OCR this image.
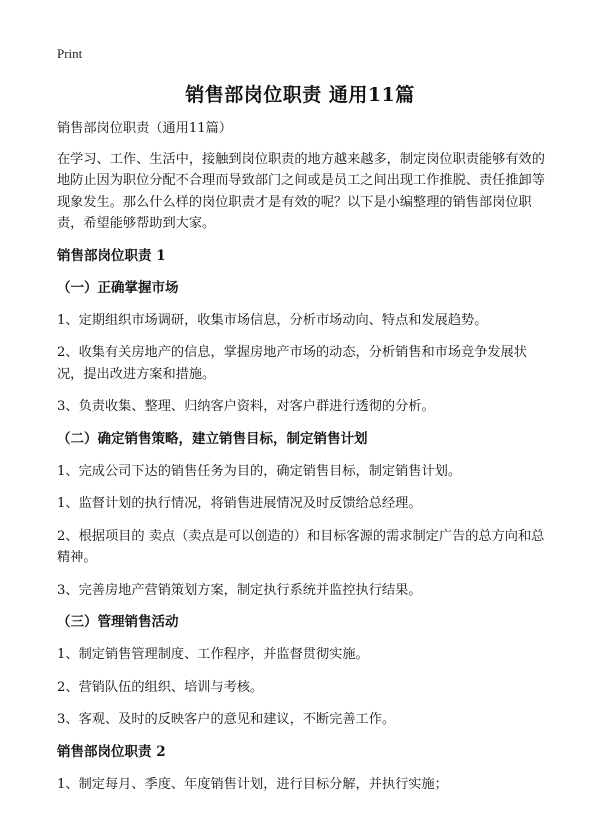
Print
销售部岗位职责 通用11篇
销售部岗位职责（通用11篇）
在学习、工作、生活中，接触到岗位职责的地方越来越多，制定岗位职责能够有效的地防止因为职位分配不合理而导致部门之间或是员工之间出现工作推脱、责任推卸等现象发生。那么什么样的岗位职责才是有效的呢？以下是小编整理的销售部岗位职责，希望能够帮助到大家。
销售部岗位职责 1
（一）正确掌握市场
1、定期组织市场调研，收集市场信息，分析市场动向、特点和发展趋势。
2、收集有关房地产的信息，掌握房地产市场的动态，分析销售和市场竞争发展状况，提出改进方案和措施。
3、负责收集、整理、归纳客户资料，对客户群进行透彻的分析。
（二）确定销售策略，建立销售目标，制定销售计划
1、完成公司下达的销售任务为目的，确定销售目标，制定销售计划。
1、监督计划的执行情况，将销售进展情况及时反馈给总经理。
2、根据项目的 卖点（卖点是可以创造的）和目标客源的需求制定广告的总方向和总精神。
3、完善房地产营销策划方案，制定执行系统并监控执行结果。
（三）管理销售活动
1、制定销售管理制度、工作程序，并监督贯彻实施。
2、营销队伍的组织、培训与考核。
3、客观、及时的反映客户的意见和建议，不断完善工作。
销售部岗位职责 2
1、制定每月、季度、年度销售计划，进行目标分解，并执行实施；
